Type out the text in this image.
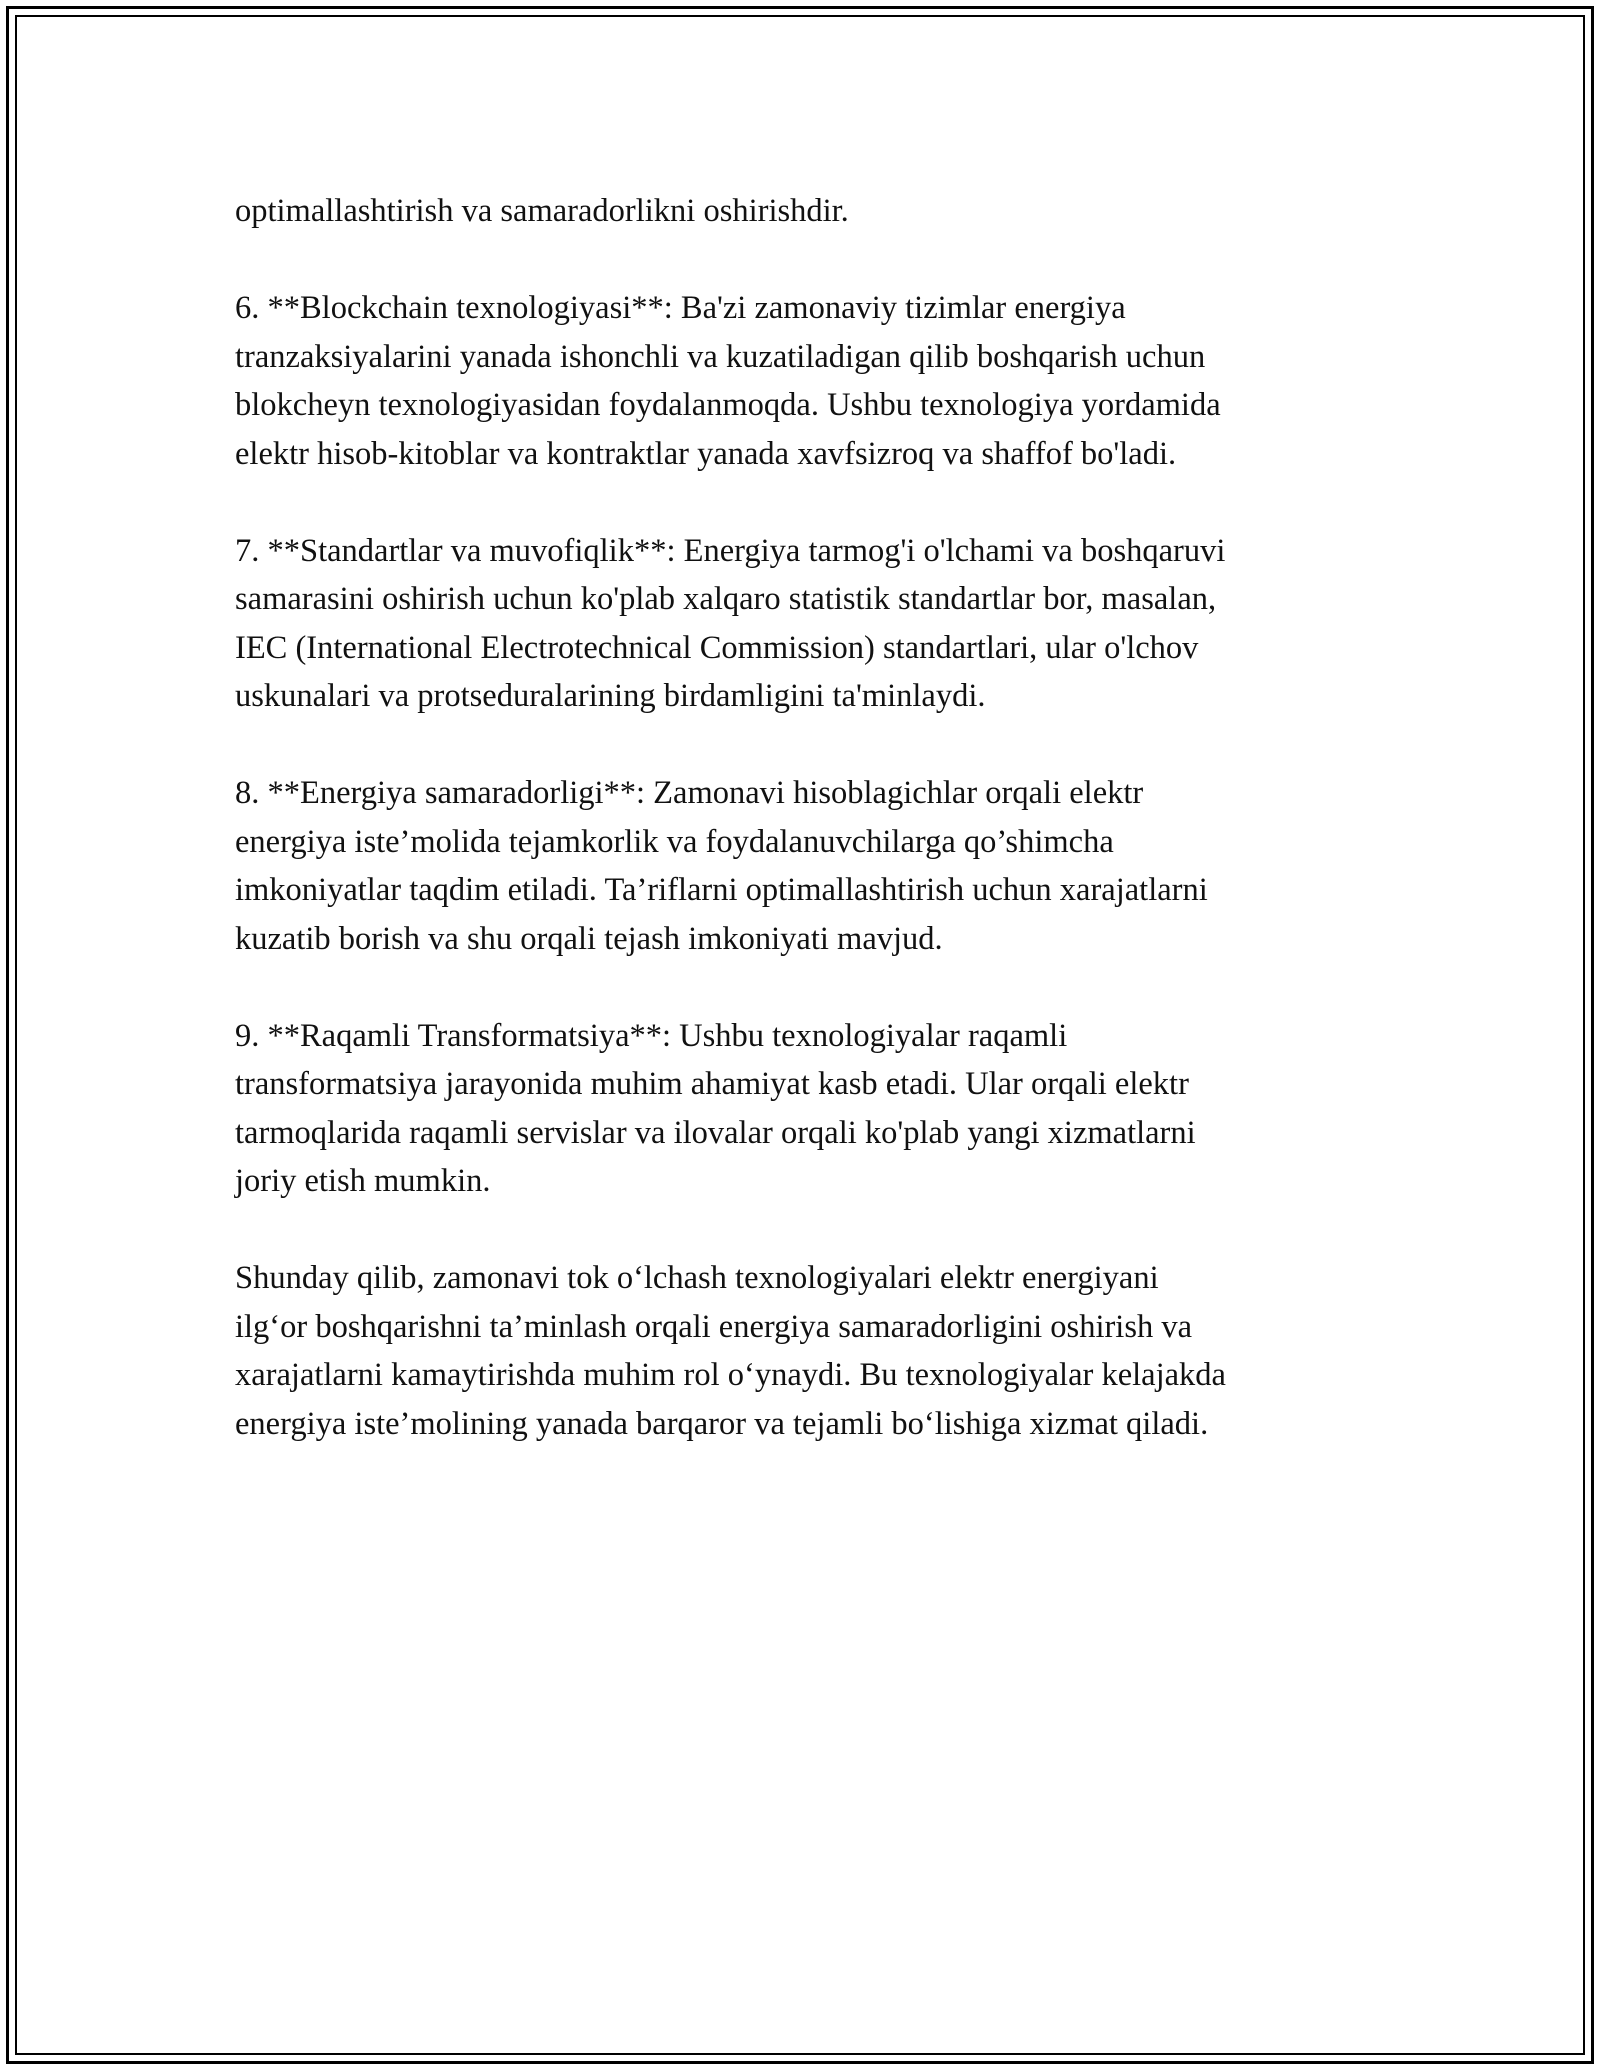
optimallashtirish va samaradorlikni oshirishdir.

6. **Blockchain texnologiyasi**: Ba'zi zamonaviy tizimlar energiya
tranzaksiyalarini yanada ishonchli va kuzatiladigan qilib boshqarish uchun
blokcheyn texnologiyasidan foydalanmoqda. Ushbu texnologiya yordamida
elektr hisob-kitoblar va kontraktlar yanada xavfsizroq va shaffof bo'ladi.

7. **Standartlar va muvofiqlik**: Energiya tarmog'i o'lchami va boshqaruvi
samarasini oshirish uchun ko'plab xalqaro statistik standartlar bor, masalan,
IEC (International Electrotechnical Commission) standartlari, ular o'lchov
uskunalari va protseduralarining birdamligini ta'minlaydi.

8. **Energiya samaradorligi**: Zamonavi hisoblagichlar orqali elektr
energiya iste’molida tejamkorlik va foydalanuvchilarga qo’shimcha
imkoniyatlar taqdim etiladi. Ta’riflarni optimallashtirish uchun xarajatlarni
kuzatib borish va shu orqali tejash imkoniyati mavjud.

9. **Raqamli Transformatsiya**: Ushbu texnologiyalar raqamli
transformatsiya jarayonida muhim ahamiyat kasb etadi. Ular orqali elektr
tarmoqlarida raqamli servislar va ilovalar orqali ko'plab yangi xizmatlarni
joriy etish mumkin.

Shunday qilib, zamonavi tok o‘lchash texnologiyalari elektr energiyani
ilg‘or boshqarishni ta’minlash orqali energiya samaradorligini oshirish va
xarajatlarni kamaytirishda muhim rol o‘ynaydi. Bu texnologiyalar kelajakda
energiya iste’molining yanada barqaror va tejamli bo‘lishiga xizmat qiladi.
